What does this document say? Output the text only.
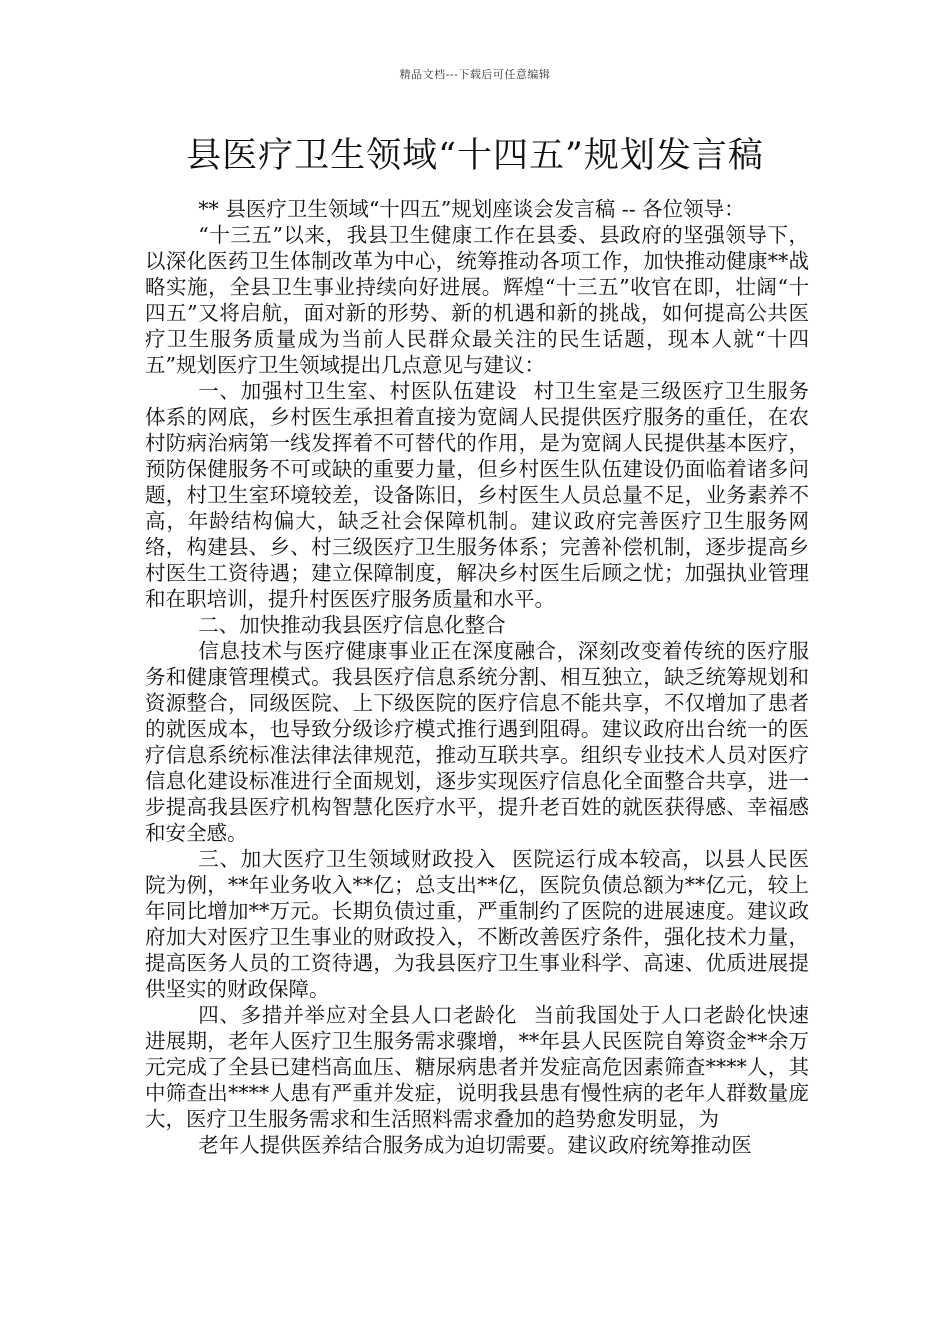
精品文档---下载后可任意编辑
县医疗卫生领域“十四五”规划发言稿

** 县医疗卫生领域“十四五”规划座谈会发言稿 -- 各位领导：

“十三五”以来，我县卫生健康工作在县委、县政府的坚强领导下，以深化医药卫生体制改革为中心，统筹推动各项工作，加快推动健康**战略实施，全县卫生事业持续向好进展。辉煌“十三五”收官在即，壮阔“十四五”又将启航，面对新的形势、新的机遇和新的挑战，如何提高公共医疗卫生服务质量成为当前人民群众最关注的民生话题，现本人就“十四五”规划医疗卫生领域提出几点意见与建议：

一、加强村卫生室、村医队伍建设 村卫生室是三级医疗卫生服务体系的网底，乡村医生承担着直接为宽阔人民提供医疗服务的重任，在农村防病治病第一线发挥着不可替代的作用，是为宽阔人民提供基本医疗，预防保健服务不可或缺的重要力量，但乡村医生队伍建设仍面临着诸多问题，村卫生室环境较差，设备陈旧，乡村医生人员总量不足，业务素养不高，年龄结构偏大，缺乏社会保障机制。建议政府完善医疗卫生服务网络，构建县、乡、村三级医疗卫生服务体系；完善补偿机制，逐步提高乡村医生工资待遇；建立保障制度，解决乡村医生后顾之忧；加强执业管理和在职培训，提升村医医疗服务质量和水平。

二、加快推动我县医疗信息化整合

信息技术与医疗健康事业正在深度融合，深刻改变着传统的医疗服务和健康管理模式。我县医疗信息系统分割、相互独立，缺乏统筹规划和资源整合，同级医院、上下级医院的医疗信息不能共享，不仅增加了患者的就医成本，也导致分级诊疗模式推行遇到阻碍。建议政府出台统一的医疗信息系统标准法律法律规范，推动互联共享。组织专业技术人员对医疗信息化建设标准进行全面规划，逐步实现医疗信息化全面整合共享，进一步提高我县医疗机构智慧化医疗水平，提升老百姓的就医获得感、幸福感和安全感。

三、加大医疗卫生领域财政投入 医院运行成本较高，以县人民医院为例，**年业务收入**亿；总支出**亿，医院负债总额为**亿元，较上年同比增加**万元。长期负债过重，严重制约了医院的进展速度。建议政府加大对医疗卫生事业的财政投入，不断改善医疗条件，强化技术力量，提高医务人员的工资待遇，为我县医疗卫生事业科学、高速、优质进展提供坚实的财政保障。

四、多措并举应对全县人口老龄化 当前我国处于人口老龄化快速进展期，老年人医疗卫生服务需求骤增，**年县人民医院自筹资金**余万元完成了全县已建档高血压、糖尿病患者并发症高危因素筛查****人，其中筛查出****人患有严重并发症，说明我县患有慢性病的老年人群数量庞大，医疗卫生服务需求和生活照料需求叠加的趋势愈发明显，为

老年人提供医养结合服务成为迫切需要。建议政府统筹推动医
